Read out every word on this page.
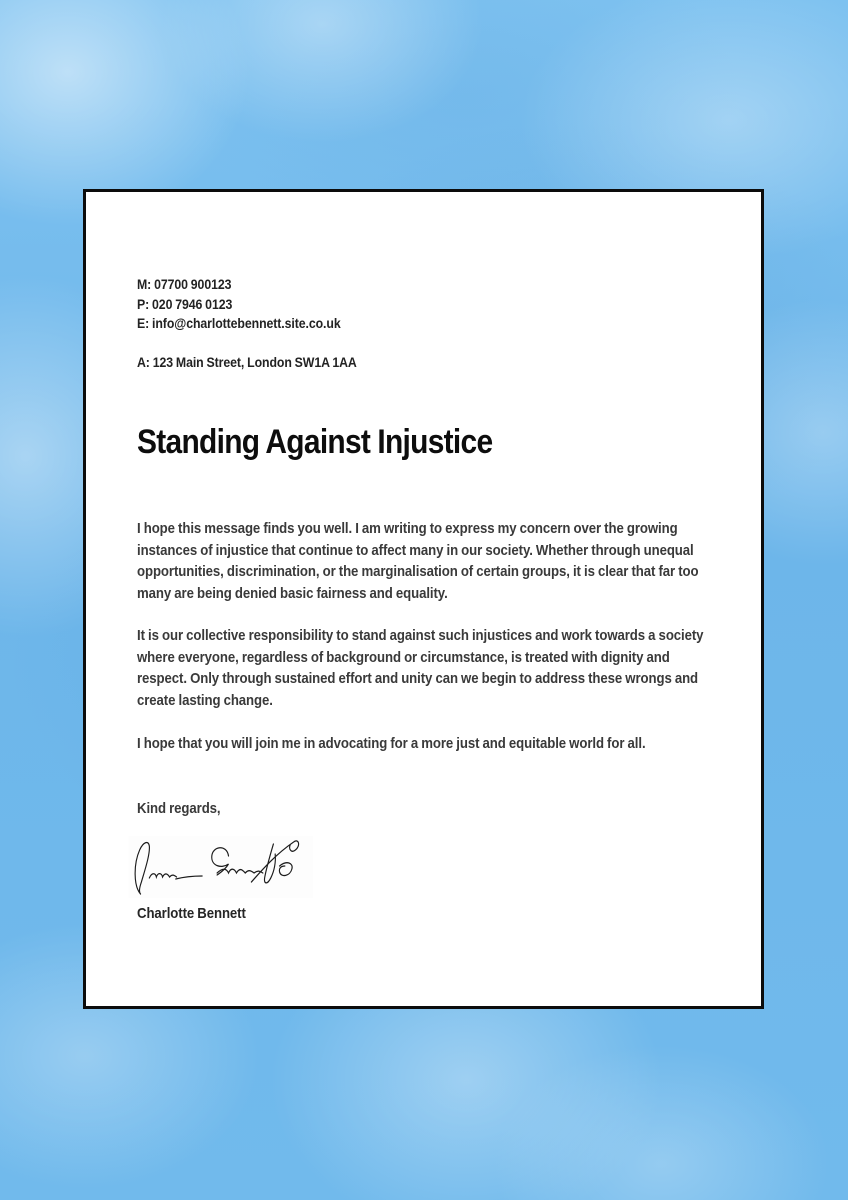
M: 07700 900123
P: 020 7946 0123
E: info@charlottebennett.site.co.uk
A: 123 Main Street, London SW1A 1AA
Standing Against Injustice

I hope this message finds you well. I am writing to express my concern over the growing instances of injustice that continue to affect many in our society. Whether through unequal opportunities, discrimination, or the marginalisation of certain groups, it is clear that far too many are being denied basic fairness and equality.

It is our collective responsibility to stand against such injustices and work towards a society where everyone, regardless of background or circumstance, is treated with dignity and respect. Only through sustained effort and unity can we begin to address these wrongs and create lasting change.

I hope that you will join me in advocating for a more just and equitable world for all.

Kind regards,
Charlotte Bennett
